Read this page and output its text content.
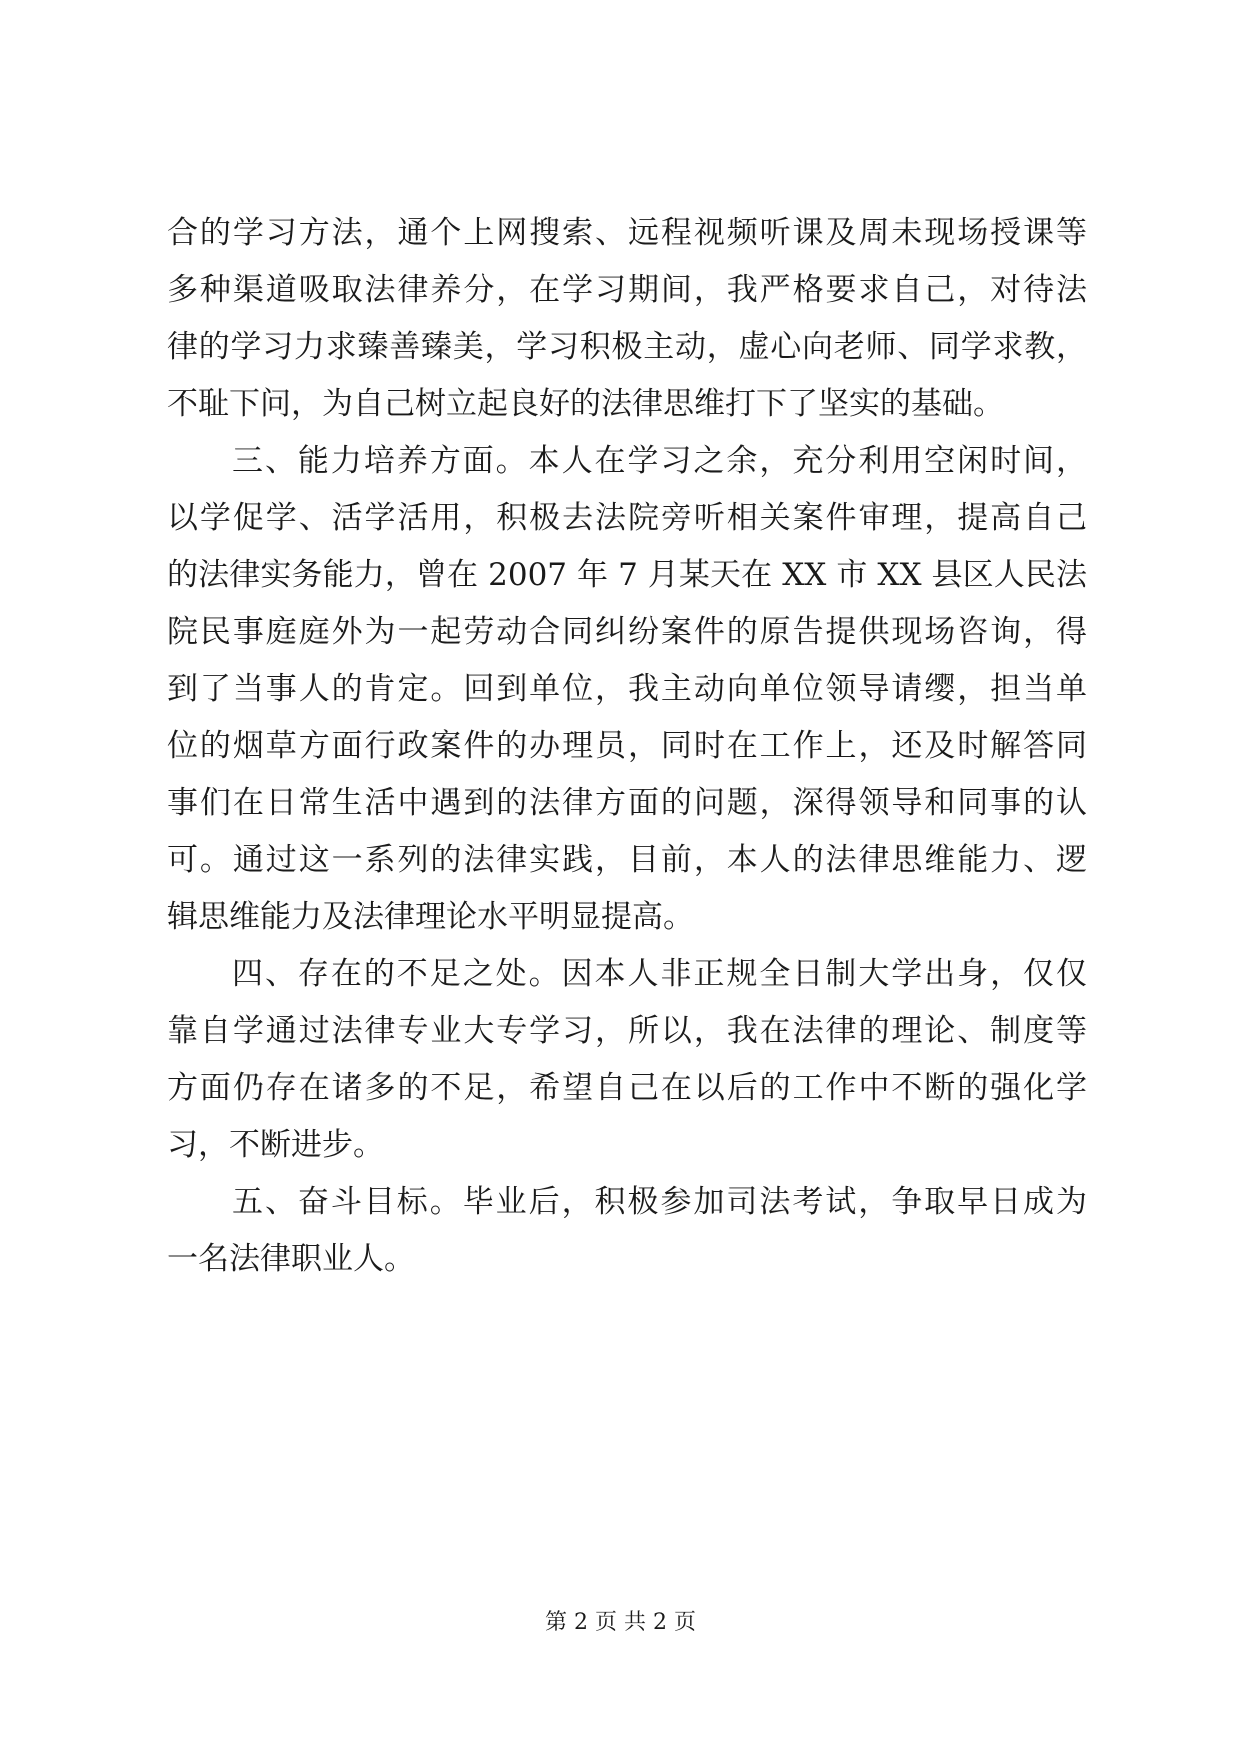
合的学习方法，通个上网搜索、远程视频听课及周未现场授课等
多种渠道吸取法律养分，在学习期间，我严格要求自己，对待法
律的学习力求臻善臻美，学习积极主动，虚心向老师、同学求教，
不耻下问，为自己树立起良好的法律思维打下了坚实的基础。
三、能力培养方面。本人在学习之余，充分利用空闲时间，
以学促学、活学活用，积极去法院旁听相关案件审理，提高自己
的法律实务能力，曾在 2007 年 7 月某天在 XX 市 XX 县区人民法
院民事庭庭外为一起劳动合同纠纷案件的原告提供现场咨询，得
到了当事人的肯定。回到单位，我主动向单位领导请缨，担当单
位的烟草方面行政案件的办理员，同时在工作上，还及时解答同
事们在日常生活中遇到的法律方面的问题，深得领导和同事的认
可。通过这一系列的法律实践，目前，本人的法律思维能力、逻
辑思维能力及法律理论水平明显提高。
四、存在的不足之处。因本人非正规全日制大学出身，仅仅
靠自学通过法律专业大专学习，所以，我在法律的理论、制度等
方面仍存在诸多的不足，希望自己在以后的工作中不断的强化学
习，不断进步。
五、奋斗目标。毕业后，积极参加司法考试，争取早日成为
一名法律职业人。
第 2 页 共 2 页
